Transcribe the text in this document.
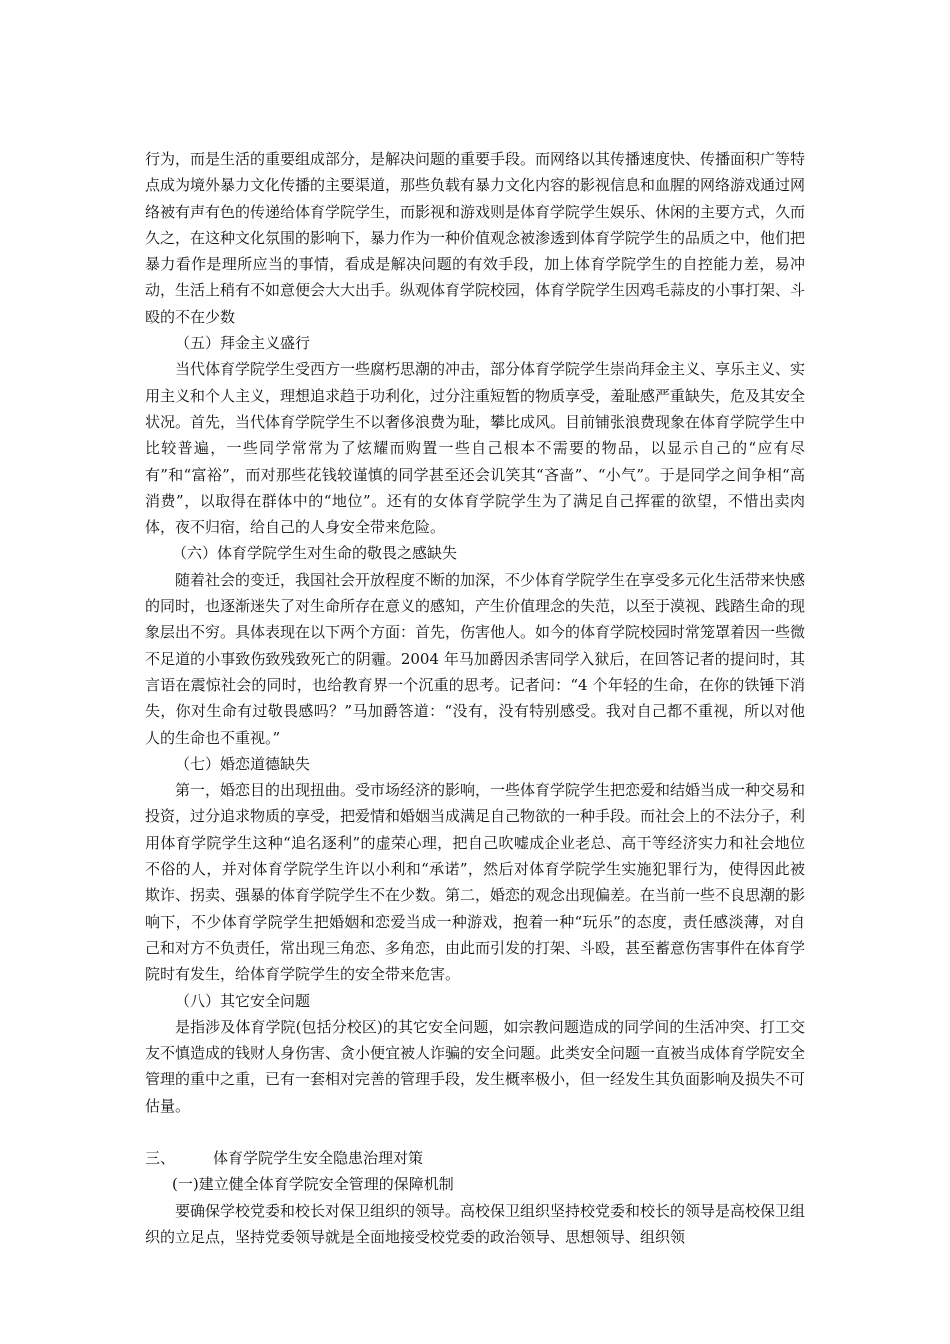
行为，而是生活的重要组成部分，是解决问题的重要手段。而网络以其传播速度快、传播面积广等特点成为境外暴力文化传播的主要渠道，那些负载有暴力文化内容的影视信息和血腥的网络游戏通过网络被有声有色的传递给体育学院学生，而影视和游戏则是体育学院学生娱乐、休闲的主要方式，久而久之，在这种文化氛围的影响下，暴力作为一种价值观念被渗透到体育学院学生的品质之中，他们把暴力看作是理所应当的事情，看成是解决问题的有效手段，加上体育学院学生的自控能力差，易冲动，生活上稍有不如意便会大大出手。纵观体育学院校园，体育学院学生因鸡毛蒜皮的小事打架、斗殴的不在少数

（五）拜金主义盛行

当代体育学院学生受西方一些腐朽思潮的冲击，部分体育学院学生崇尚拜金主义、享乐主义、实用主义和个人主义，理想追求趋于功利化，过分注重短暂的物质享受，羞耻感严重缺失，危及其安全状况。首先，当代体育学院学生不以奢侈浪费为耻，攀比成风。目前铺张浪费现象在体育学院学生中比较普遍，一些同学常常为了炫耀而购置一些自己根本不需要的物品，以显示自己的“应有尽有”和“富裕”，而对那些花钱较谨慎的同学甚至还会讥笑其“吝啬”、“小气”。于是同学之间争相“高消费”，以取得在群体中的“地位”。还有的女体育学院学生为了满足自己挥霍的欲望，不惜出卖肉体，夜不归宿，给自己的人身安全带来危险。

（六）体育学院学生对生命的敬畏之感缺失

随着社会的变迁，我国社会开放程度不断的加深，不少体育学院学生在享受多元化生活带来快感的同时，也逐渐迷失了对生命所存在意义的感知，产生价值理念的失范，以至于漠视、践踏生命的现象层出不穷。具体表现在以下两个方面：首先，伤害他人。如今的体育学院校园时常笼罩着因一些微不足道的小事致伤致残致死亡的阴霾。2004 年马加爵因杀害同学入狱后，在回答记者的提问时，其言语在震惊社会的同时，也给教育界一个沉重的思考。记者问：“4 个年轻的生命，在你的铁锤下消失，你对生命有过敬畏感吗？”马加爵答道：“没有，没有特别感受。我对自己都不重视，所以对他人的生命也不重视。”

（七）婚恋道德缺失

第一，婚恋目的出现扭曲。受市场经济的影响，一些体育学院学生把恋爱和结婚当成一种交易和投资，过分追求物质的享受，把爱情和婚姻当成满足自己物欲的一种手段。而社会上的不法分子，利用体育学院学生这种“追名逐利”的虚荣心理，把自己吹嘘成企业老总、高干等经济实力和社会地位不俗的人，并对体育学院学生许以小利和“承诺”，然后对体育学院学生实施犯罪行为，使得因此被欺诈、拐卖、强暴的体育学院学生不在少数。第二，婚恋的观念出现偏差。在当前一些不良思潮的影响下，不少体育学院学生把婚姻和恋爱当成一种游戏，抱着一种“玩乐”的态度，责任感淡薄，对自己和对方不负责任，常出现三角恋、多角恋，由此而引发的打架、斗殴，甚至蓄意伤害事件在体育学院时有发生，给体育学院学生的安全带来危害。

（八）其它安全问题

是指涉及体育学院(包括分校区)的其它安全问题，如宗教问题造成的同学间的生活冲突、打工交友不慎造成的钱财人身伤害、贪小便宜被人诈骗的安全问题。此类安全问题一直被当成体育学院安全管理的重中之重，已有一套相对完善的管理手段，发生概率极小，但一经发生其负面影响及损失不可估量。

三、	体育学院学生安全隐患治理对策

(一)建立健全体育学院安全管理的保障机制

要确保学校党委和校长对保卫组织的领导。高校保卫组织坚持校党委和校长的领导是高校保卫组织的立足点，坚持党委领导就是全面地接受校党委的政治领导、思想领导、组织领
